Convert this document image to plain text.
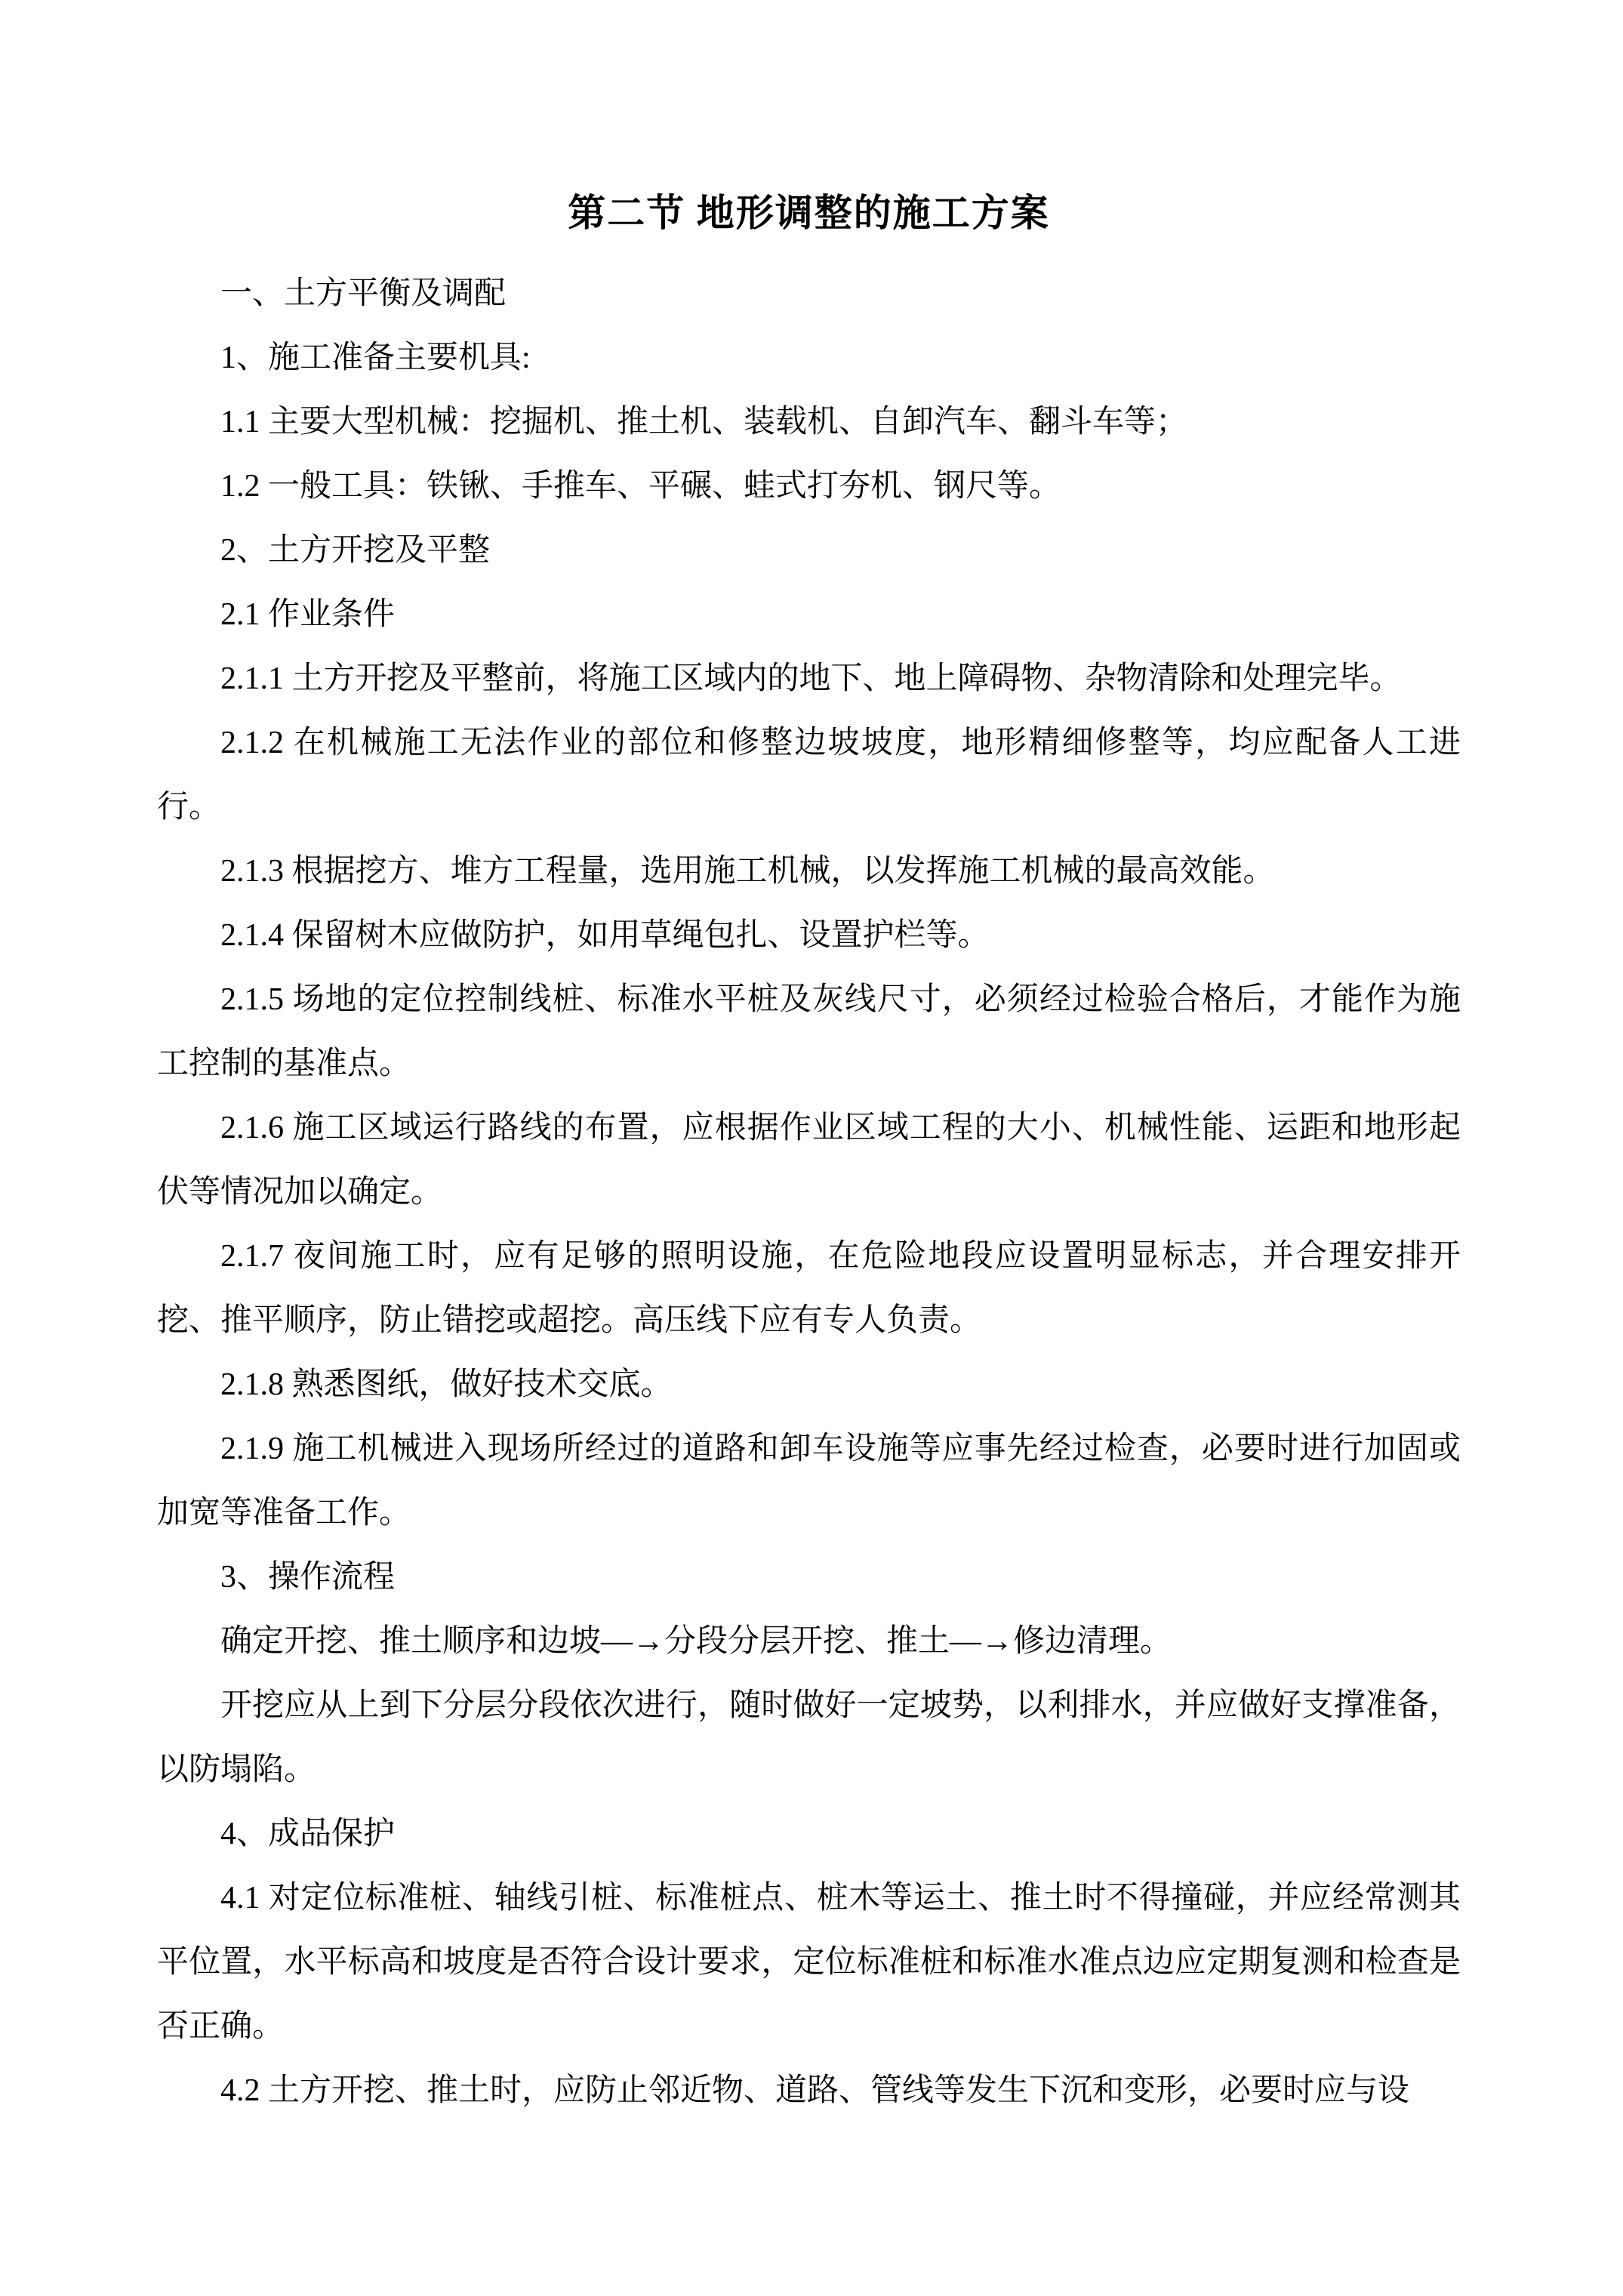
第二节 地形调整的施工方案

一、土方平衡及调配

1、施工准备主要机具:

1.1 主要大型机械：挖掘机、推土机、装载机、自卸汽车、翻斗车等；

1.2 一般工具：铁锹、手推车、平碾、蛙式打夯机、钢尺等。

2、土方开挖及平整

2.1 作业条件

2.1.1 土方开挖及平整前，将施工区域内的地下、地上障碍物、杂物清除和处理完毕。

2.1.2 在机械施工无法作业的部位和修整边坡坡度，地形精细修整等，均应配备人工进行。

2.1.3 根据挖方、堆方工程量，选用施工机械，以发挥施工机械的最高效能。

2.1.4 保留树木应做防护，如用草绳包扎、设置护栏等。

2.1.5 场地的定位控制线桩、标准水平桩及灰线尺寸，必须经过检验合格后，才能作为施工控制的基准点。

2.1.6 施工区域运行路线的布置，应根据作业区域工程的大小、机械性能、运距和地形起伏等情况加以确定。

2.1.7 夜间施工时，应有足够的照明设施，在危险地段应设置明显标志，并合理安排开挖、推平顺序，防止错挖或超挖。高压线下应有专人负责。

2.1.8 熟悉图纸，做好技术交底。

2.1.9 施工机械进入现场所经过的道路和卸车设施等应事先经过检查，必要时进行加固或加宽等准备工作。

3、操作流程

确定开挖、推土顺序和边坡—→分段分层开挖、推土—→修边清理。

开挖应从上到下分层分段依次进行，随时做好一定坡势，以利排水，并应做好支撑准备，以防塌陷。

4、成品保护

4.1 对定位标准桩、轴线引桩、标准桩点、桩木等运土、推土时不得撞碰，并应经常测其平位置，水平标高和坡度是否符合设计要求，定位标准桩和标准水准点边应定期复测和检查是否正确。

4.2 土方开挖、推土时，应防止邻近物、道路、管线等发生下沉和变形，必要时应与设
